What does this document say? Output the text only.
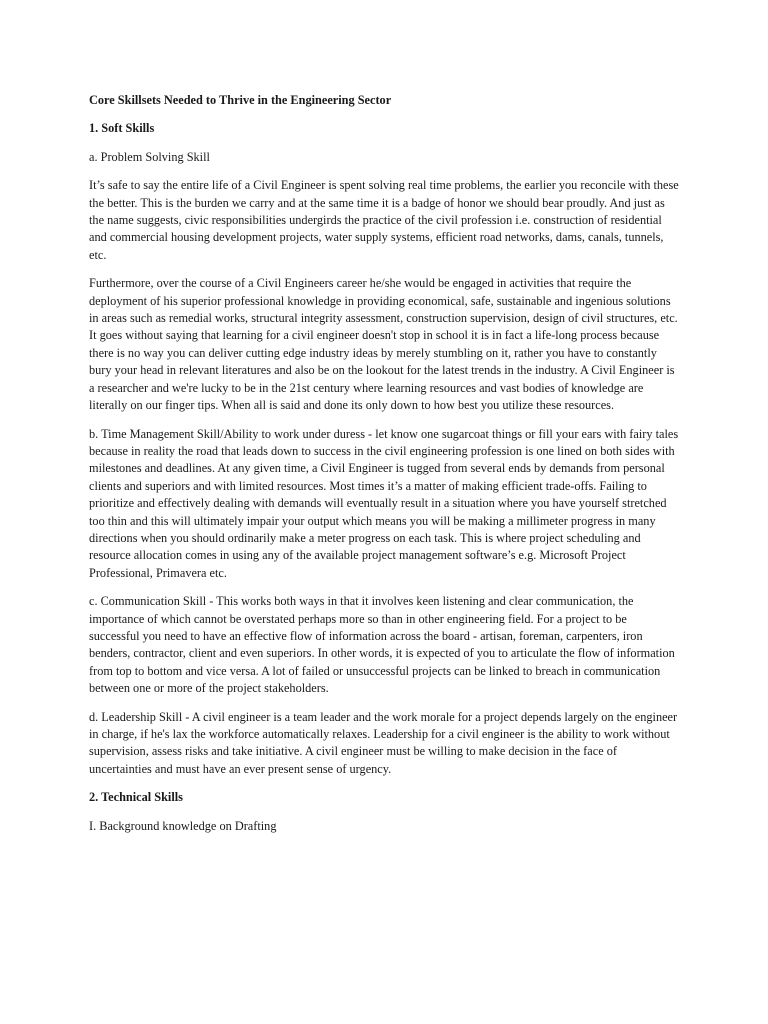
Core Skillsets Needed to Thrive in the Engineering Sector

1. Soft Skills

a. Problem Solving Skill

It’s safe to say the entire life of a Civil Engineer is spent solving real time problems, the earlier you reconcile with these the better. This is the burden we carry and at the same time it is a badge of honor we should bear proudly. And just as the name suggests, civic responsibilities undergirds the practice of the civil profession i.e. construction of residential and commercial housing development projects, water supply systems, efficient road networks, dams, canals, tunnels, etc.

Furthermore, over the course of a Civil Engineers career he/she would be engaged in activities that require the deployment of his superior professional knowledge in providing economical, safe, sustainable and ingenious solutions in areas such as remedial works, structural integrity assessment, construction supervision, design of civil structures, etc. It goes without saying that learning for a civil engineer doesn't stop in school it is in fact a life-long process because there is no way you can deliver cutting edge industry ideas by merely stumbling on it, rather you have to constantly bury your head in relevant literatures and also be on the lookout for the latest trends in the industry. A Civil Engineer is a researcher and we're lucky to be in the 21st century where learning resources and vast bodies of knowledge are literally on our finger tips. When all is said and done its only down to how best you utilize these resources.

b. Time Management Skill/Ability to work under duress - let know one sugarcoat things or fill your ears with fairy tales because in reality the road that leads down to success in the civil engineering profession is one lined on both sides with milestones and deadlines. At any given time, a Civil Engineer is tugged from several ends by demands from personal clients and superiors and with limited resources. Most times it’s a matter of making efficient trade-offs. Failing to prioritize and effectively dealing with demands will eventually result in a situation where you have yourself stretched too thin and this will ultimately impair your output which means you will be making a millimeter progress in many directions when you should ordinarily make a meter progress on each task. This is where project scheduling and resource allocation comes in using any of the available project management software’s e.g. Microsoft Project Professional, Primavera etc.

c. Communication Skill - This works both ways in that it involves keen listening and clear communication, the importance of which cannot be overstated perhaps more so than in other engineering field. For a project to be successful you need to have an effective flow of information across the board - artisan, foreman, carpenters, iron benders, contractor, client and even superiors. In other words, it is expected of you to articulate the flow of information from top to bottom and vice versa. A lot of failed or unsuccessful projects can be linked to breach in communication between one or more of the project stakeholders.

d. Leadership Skill - A civil engineer is a team leader and the work morale for a project depends largely on the engineer in charge, if he's lax the workforce automatically relaxes. Leadership for a civil engineer is the ability to work without supervision, assess risks and take initiative. A civil engineer must be willing to make decision in the face of uncertainties and must have an ever present sense of urgency.

2. Technical Skills

I. Background knowledge on Drafting
